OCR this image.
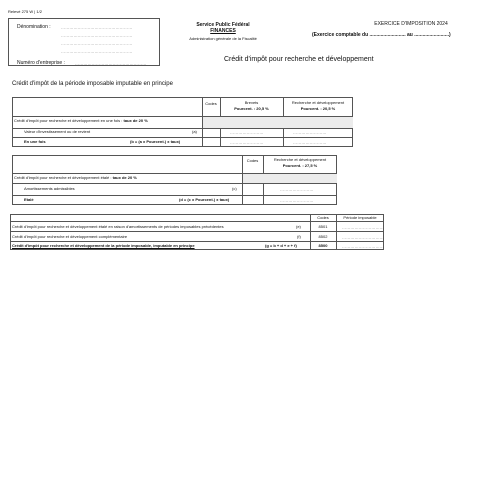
Relevé 275 W | 1/2
Dénomination :	……………………………………………
……………………………………………
……………………………………………
……………………………………………
Numéro d'entreprise :	……………………………………………
Service Public Fédéral
FINANCES
Administration générale de la Fiscalité
EXERCICE D'IMPOSITION 2024
(Exercice comptable du .......................... au .........................)
Crédit d'impôt pour recherche et développement
Crédit d'impôt de la période imposable imputable en principe
Codes	Brevets
Pourcent. : 20,5 %
Recherche et développement
Pourcent. : 20,5 %
Crédit d'impôt pour recherche et développement en une fois : taux de 20 %
Valeur d'investissement ou de revient	(a)	……………………	……………………
En une fois	(b = (a x Pourcent.) x taux)	……………………	……………………
Codes	Recherche et développement
Pourcent. : 27,5 %
Crédit d'impôt pour recherche et développement étalé : taux de 20 %
Amortissements admissibles	(c)	……………………
Etalé	(d = (c x Pourcent.) x taux)	……………………
Codes	Période imposable
Crédit d'impôt pour recherche et développement étalé en raison d'amortissements de périodes imposables précédentes	(e)	8501	…………………………
Crédit d'impôt pour recherche et développement complémentaire	(f)	8502	…………………………
Crédit d'impôt pour recherche et développement de la période imposable, imputable en principe	(g = b + d + e + f)	8500	…………………………
